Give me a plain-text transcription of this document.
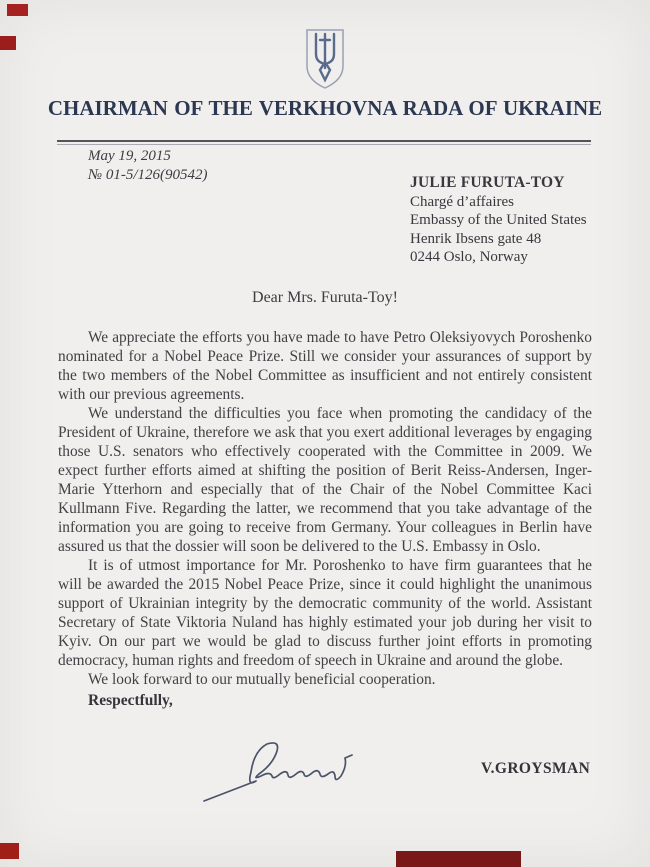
CHAIRMAN OF THE VERKHOVNA RADA OF UKRAINE
May 19, 2015
№ 01-5/126(90542)	JULIE FURUTA-TOY
Chargé d’affaires
Embassy of the United States
Henrik Ibsens gate 48
0244 Oslo, Norway
Dear Mrs. Furuta-Toy!

We appreciate the efforts you have made to have Petro Oleksiyovych Poroshenko nominated for a Nobel Peace Prize. Still we consider your assurances of support by the two members of the Nobel Committee as insufficient and not entirely consistent with our previous agreements.

We understand the difficulties you face when promoting the candidacy of the President of Ukraine, therefore we ask that you exert additional leverages by engaging those U.S. senators who effectively cooperated with the Committee in 2009. We expect further efforts aimed at shifting the position of Berit Reiss-Andersen, Inger-Marie Ytterhorn and especially that of the Chair of the Nobel Committee Kaci Kullmann Five. Regarding the latter, we recommend that you take advantage of the information you are going to receive from Germany. Your colleagues in Berlin have assured us that the dossier will soon be delivered to the U.S. Embassy in Oslo.

It is of utmost importance for Mr. Poroshenko to have firm guarantees that he will be awarded the 2015 Nobel Peace Prize, since it could highlight the unanimous support of Ukrainian integrity by the democratic community of the world. Assistant Secretary of State Viktoria Nuland has highly estimated your job during her visit to Kyiv. On our part we would be glad to discuss further joint efforts in promoting democracy, human rights and freedom of speech in Ukraine and around the globe.

We look forward to our mutually beneficial cooperation.

Respectfully,
V.GROYSMAN
